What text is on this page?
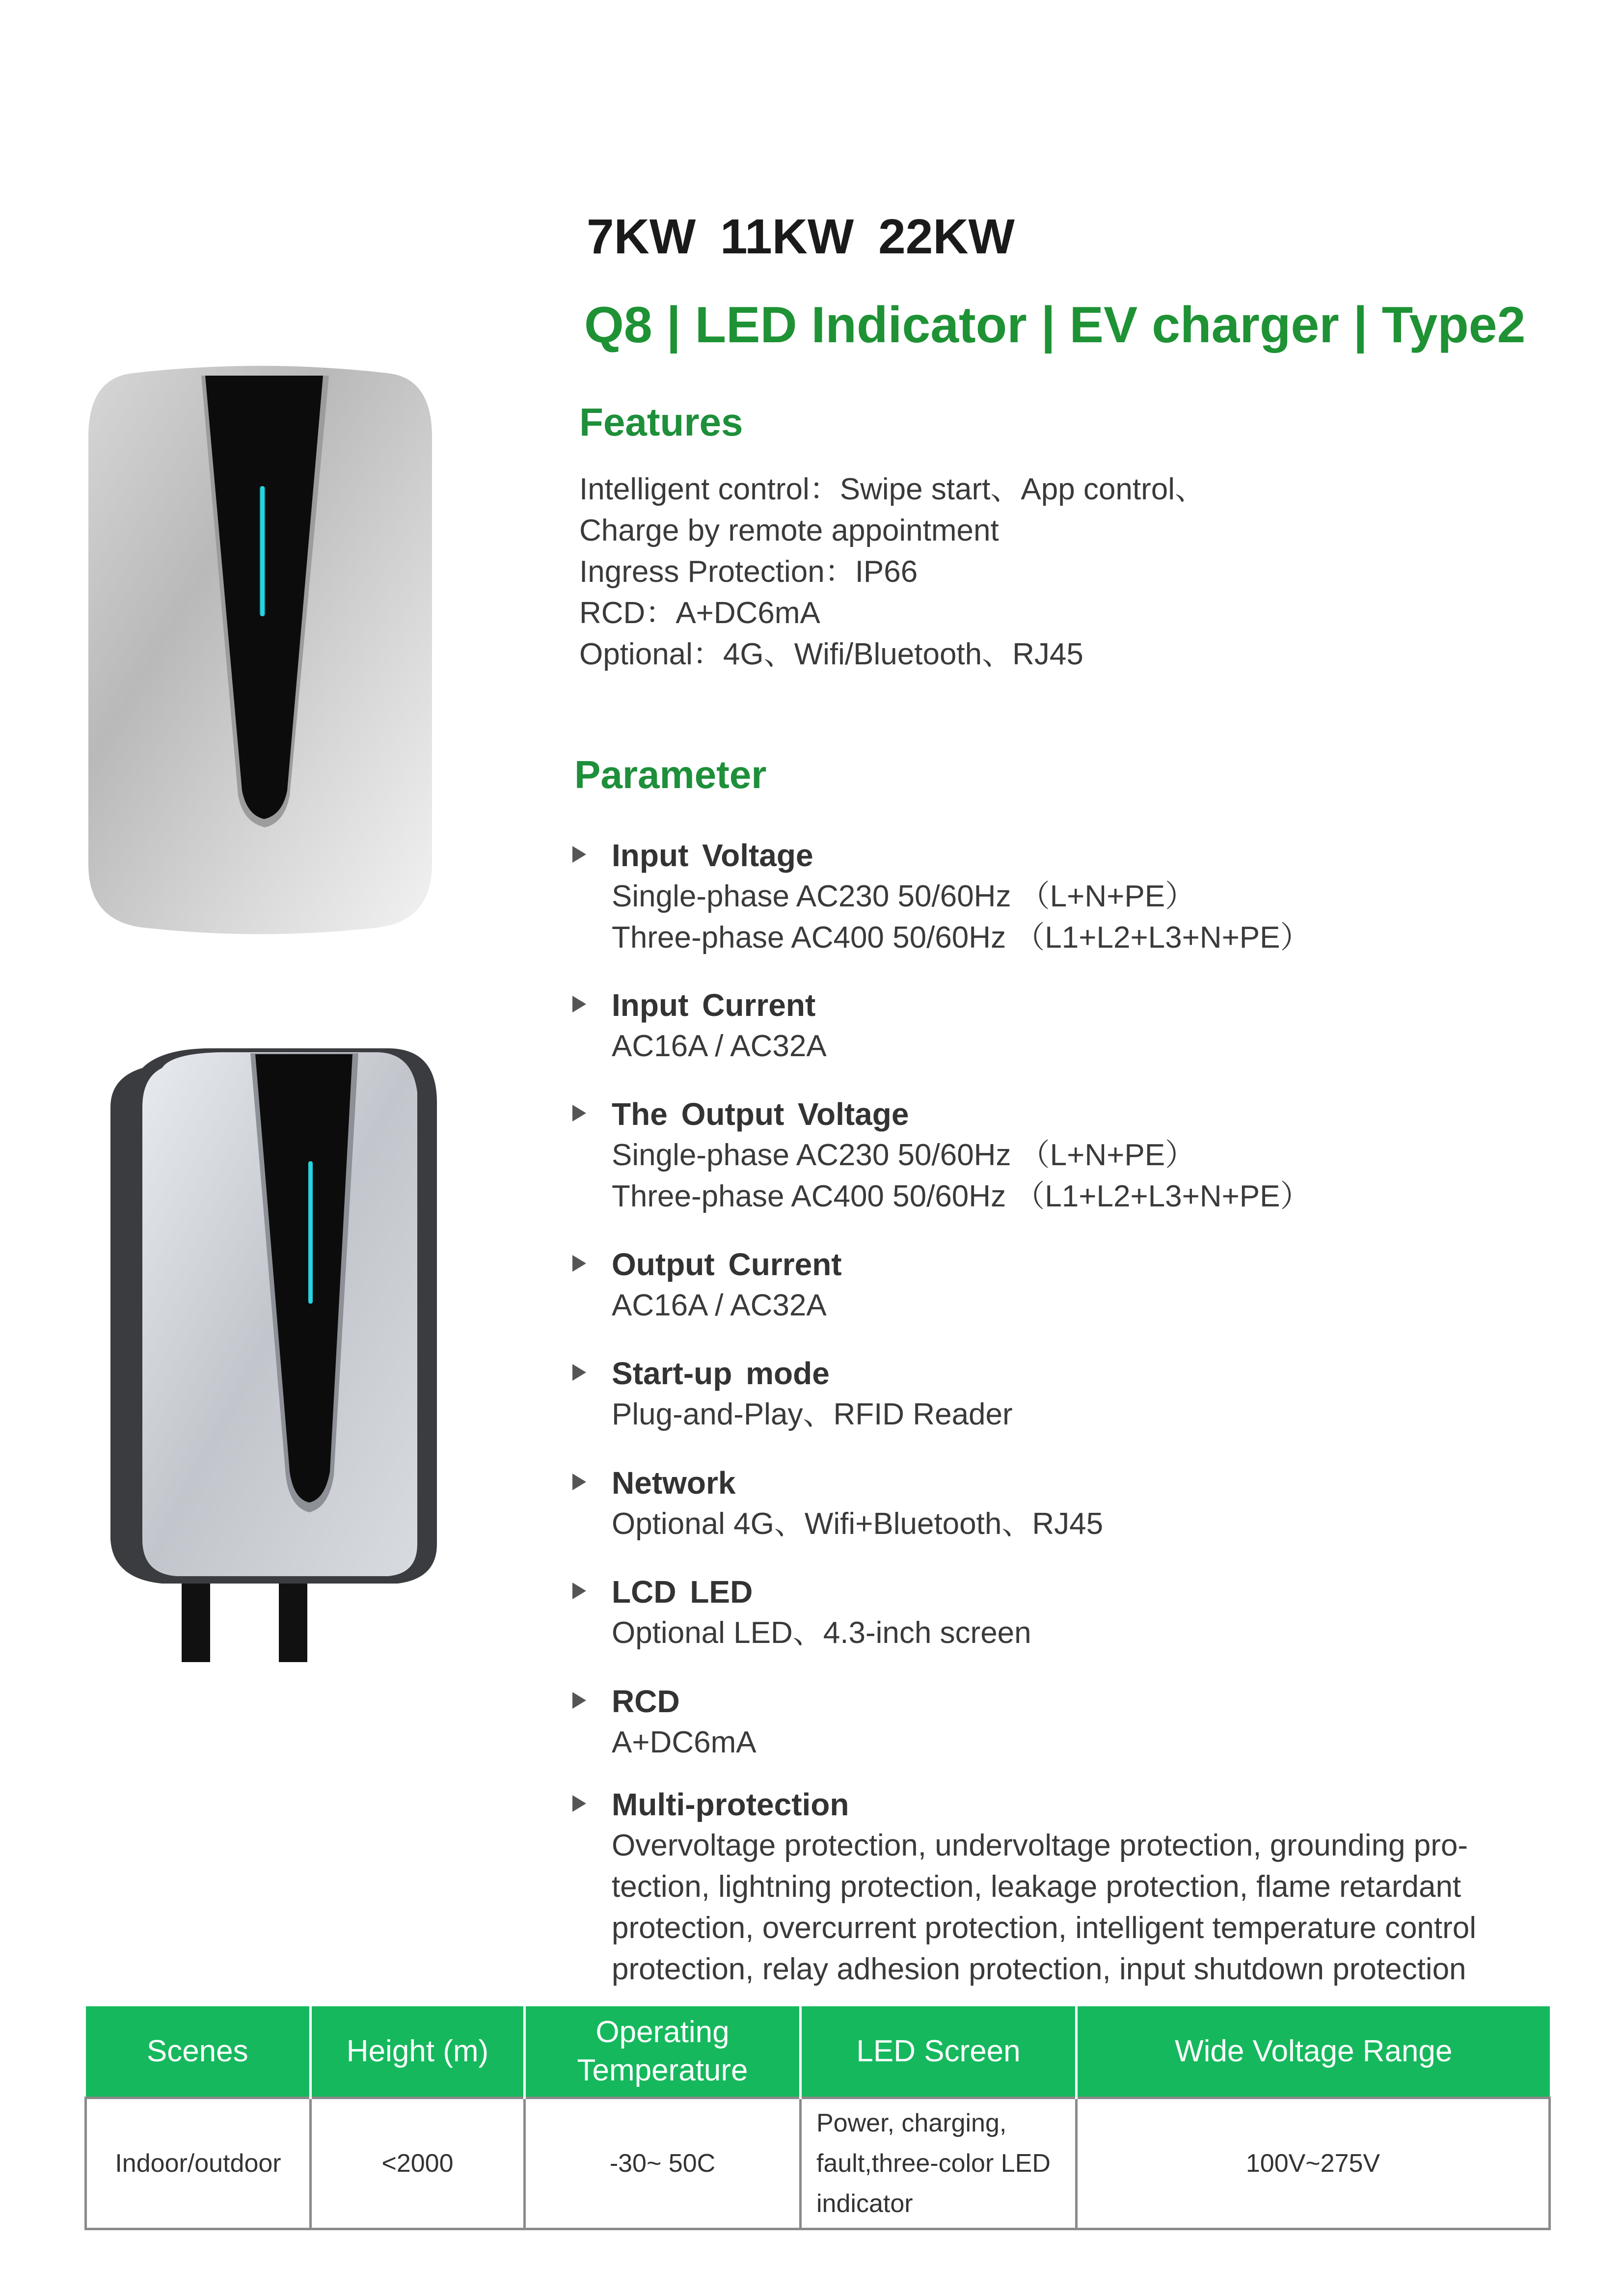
7KW 11KW 22KW
Q8 | LED Indicator | EV charger | Type2
Features
Intelligent control：Swipe start、App control、
Charge by remote appointment
Ingress Protection：IP66
RCD：A+DC6mA
Optional：4G、Wifi/Bluetooth、RJ45
Parameter
Input Voltage
Single-phase AC230 50/60Hz （L+N+PE）
Three-phase AC400 50/60Hz （L1+L2+L3+N+PE）
Input Current
AC16A / AC32A
The Output Voltage
Single-phase AC230 50/60Hz （L+N+PE）
Three-phase AC400 50/60Hz （L1+L2+L3+N+PE）
Output Current
AC16A / AC32A
Start-up mode
Plug-and-Play、RFID Reader
Network
Optional 4G、Wifi+Bluetooth、RJ45
LCD LED
Optional LED、4.3-inch screen
RCD
A+DC6mA
Multi-protection
Overvoltage protection, undervoltage protection, grounding pro-
tection, lightning protection, leakage protection, flame retardant
protection, overcurrent protection, intelligent temperature control
protection, relay adhesion protection, input shutdown protection
Scenes	Height (m)	Operating Temperature	LED Screen	Wide Voltage Range
Indoor/outdoor	<2000	-30~ 50C	Power, charging,
fault,three-color LED
indicator	100V~275V
